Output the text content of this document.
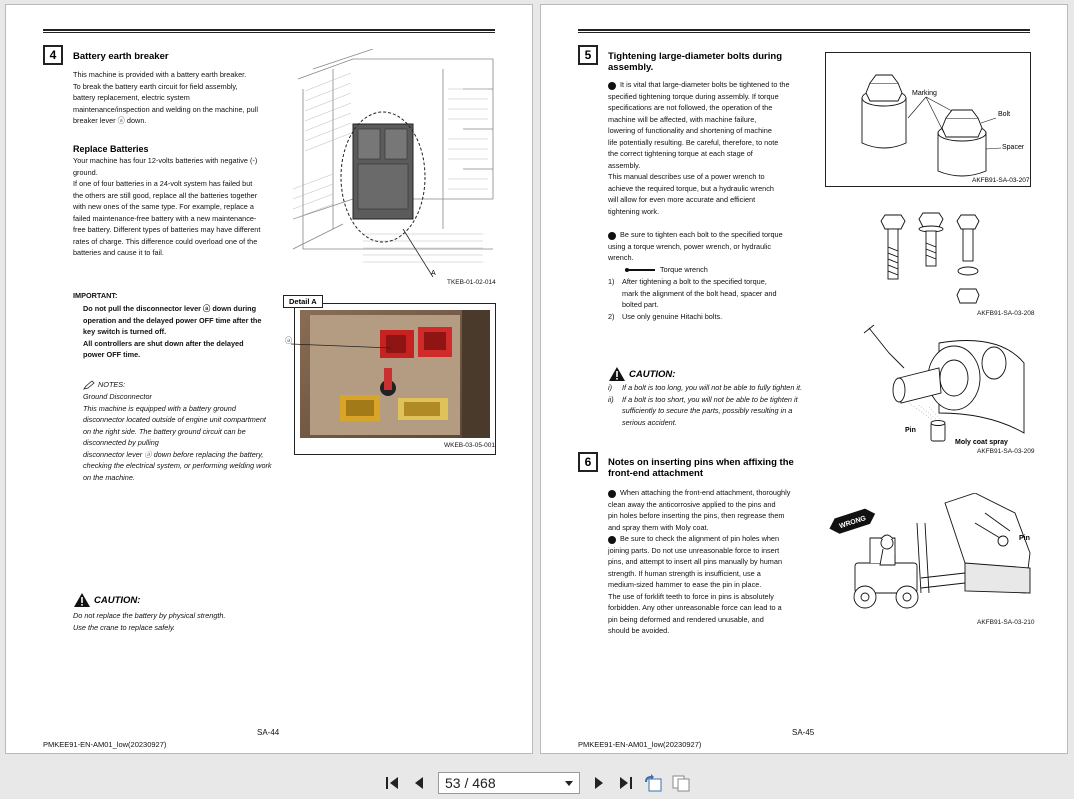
4	Battery earth breaker

This machine is provided with a battery earth breaker.

To break the battery earth circuit for field assembly,

battery replacement, electric system

maintenance/inspection and welding on the machine, pull

breaker lever ⓐ down.

Replace Batteries

Your machine has four 12-volts batteries with negative (-)

ground.

If one of four batteries in a 24-volt system has failed but

the others are still good, replace all the batteries together

with new ones of the same type. For example, replace a

failed maintenance-free battery with a new maintenance-

free battery. Different types of batteries may have different

rates of charge. This difference could overload one of the

batteries and cause it to fail.

A
TKEB-01-02-014
IMPORTANT:

Do not pull the disconnector lever ⓐ down during

operation and the delayed power OFF time after the

key switch is turned off.

All controllers are shut down after the delayed

power OFF time.

Detail A
ⓐ
WKEB-03-05-001
NOTES:

Ground Disconnector

This machine is equipped with a battery ground

disconnector located outside of engine unit compartment

on the right side. The battery ground circuit can be

disconnected by pulling

disconnector lever ⓐ down before replacing the battery,

checking the electrical system, or performing welding work

on the machine.

CAUTION:

Do not replace the battery by physical strength.

Use the crane to replace safely.

SA-44
PMKEE91-EN-AM01_low(20230927)
5	Tightening large-diameter bolts during

assembly.

1 It is vital that large-diameter bolts be tightened to the

specified tightening torque during assembly. If torque

specifications are not followed, the operation of the

machine will be affected, with machine failure,

lowering of functionality and shortening of machine

life potentially resulting. Be careful, therefore, to note

the correct tightening torque at each stage of

assembly.

This manual describes use of a power wrench to

achieve the required torque, but a hydraulic wrench

will allow for even more accurate and efficient

tightening work.

2 Be sure to tighten each bolt to the specified torque

using a torque wrench, power wrench, or hydraulic

wrench.

Torque wrench
1)	After tightening a bolt to the specified torque,

mark the alignment of the bolt head, spacer and

bolted part.

2)	Use only genuine Hitachi bolts.

CAUTION:
i)	If a bolt is too long, you will not be able to fully tighten it.

ii)	If a bolt is too short, you will not be able to be tighten it

sufficiently to secure the parts, possibly resulting in a

serious accident.

Marking
Bolt
Spacer
AKFB91-SA-03-207
AKFB91-SA-03-208
Pin
Moly coat spray
AKFB91-SA-03-209
6	Notes on inserting pins when affixing the

front-end attachment

1 When attaching the front-end attachment, thoroughly

clean away the anticorrosive applied to the pins and

pin holes before inserting the pins, then regrease them

and spray them with Moly coat.

2 Be sure to check the alignment of pin holes when

joining parts. Do not use unreasonable force to insert

pins, and attempt to insert all pins manually by human

strength. If human strength is insufficient, use a

medium-sized hammer to ease the pin in place.

The use of forklift teeth to force in pins is absolutely

forbidden. Any other unreasonable force can lead to a

pin being deformed and rendered unusable, and

should be avoided.

WRONG
Pin
AKFB91-SA-03-210
SA-45
PMKEE91-EN-AM01_low(20230927)
53 / 468
